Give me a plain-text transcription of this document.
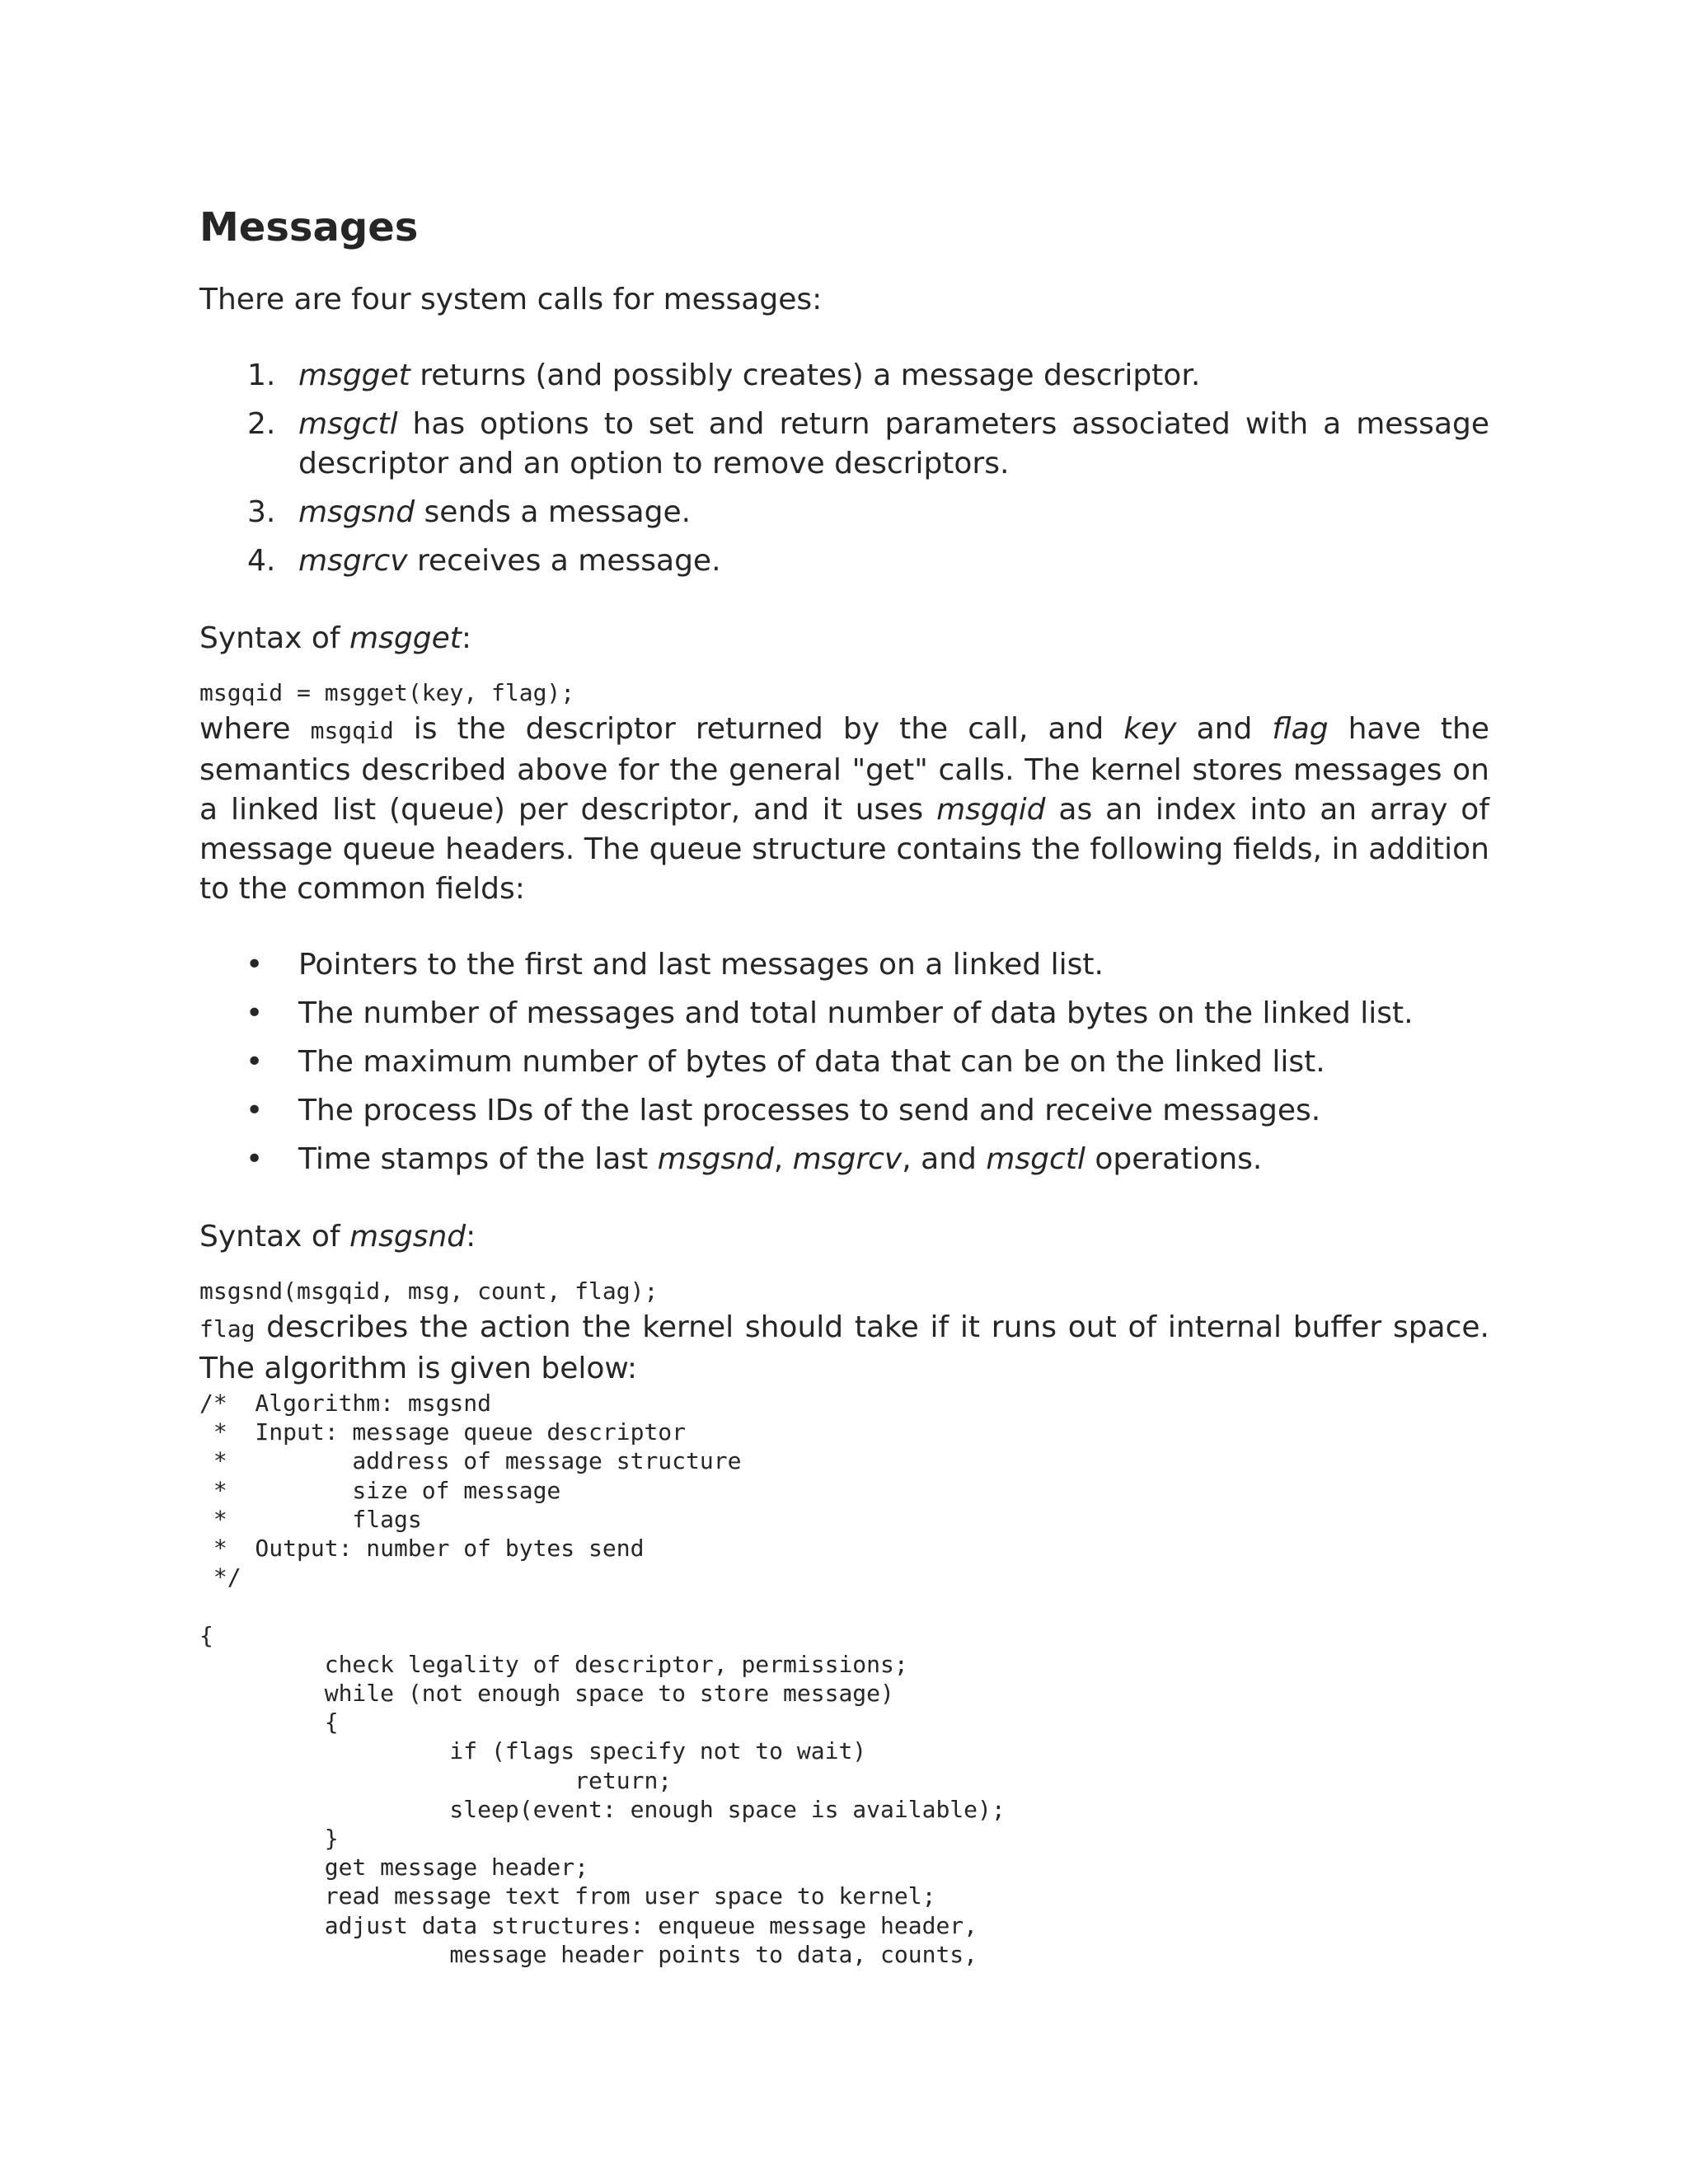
Messages

There are four system calls for messages:

1. msgget returns (and possibly creates) a message descriptor.
2. msgctl has options to set and return parameters associated with a message descriptor and an option to remove descriptors.
3. msgsnd sends a message.
4. msgrcv receives a message.

Syntax of msgget:

msgqid = msgget(key, flag);

where msgqid is the descriptor returned by the call, and key and flag have the semantics described above for the general "get" calls. The kernel stores messages on a linked list (queue) per descriptor, and it uses msgqid as an index into an array of message queue headers. The queue structure contains the following fields, in addition to the common fields:

•	Pointers to the first and last messages on a linked list.
•	The number of messages and total number of data bytes on the linked list.
•	The maximum number of bytes of data that can be on the linked list.
•	The process IDs of the last processes to send and receive messages.
•	Time stamps of the last msgsnd, msgrcv, and msgctl operations.

Syntax of msgsnd:

msgsnd(msgqid, msg, count, flag);

flag describes the action the kernel should take if it runs out of internal buffer space. The algorithm is given below:

/*  Algorithm: msgsnd
*  Input: message queue descriptor
*         address of message structure
*         size of message
*         flags
*  Output: number of bytes send
*/

{
check legality of descriptor, permissions;
while (not enough space to store message)
{
if (flags specify not to wait)
return;
sleep(event: enough space is available);
}
get message header;
read message text from user space to kernel;
adjust data structures: enqueue message header,
message header points to data, counts,
